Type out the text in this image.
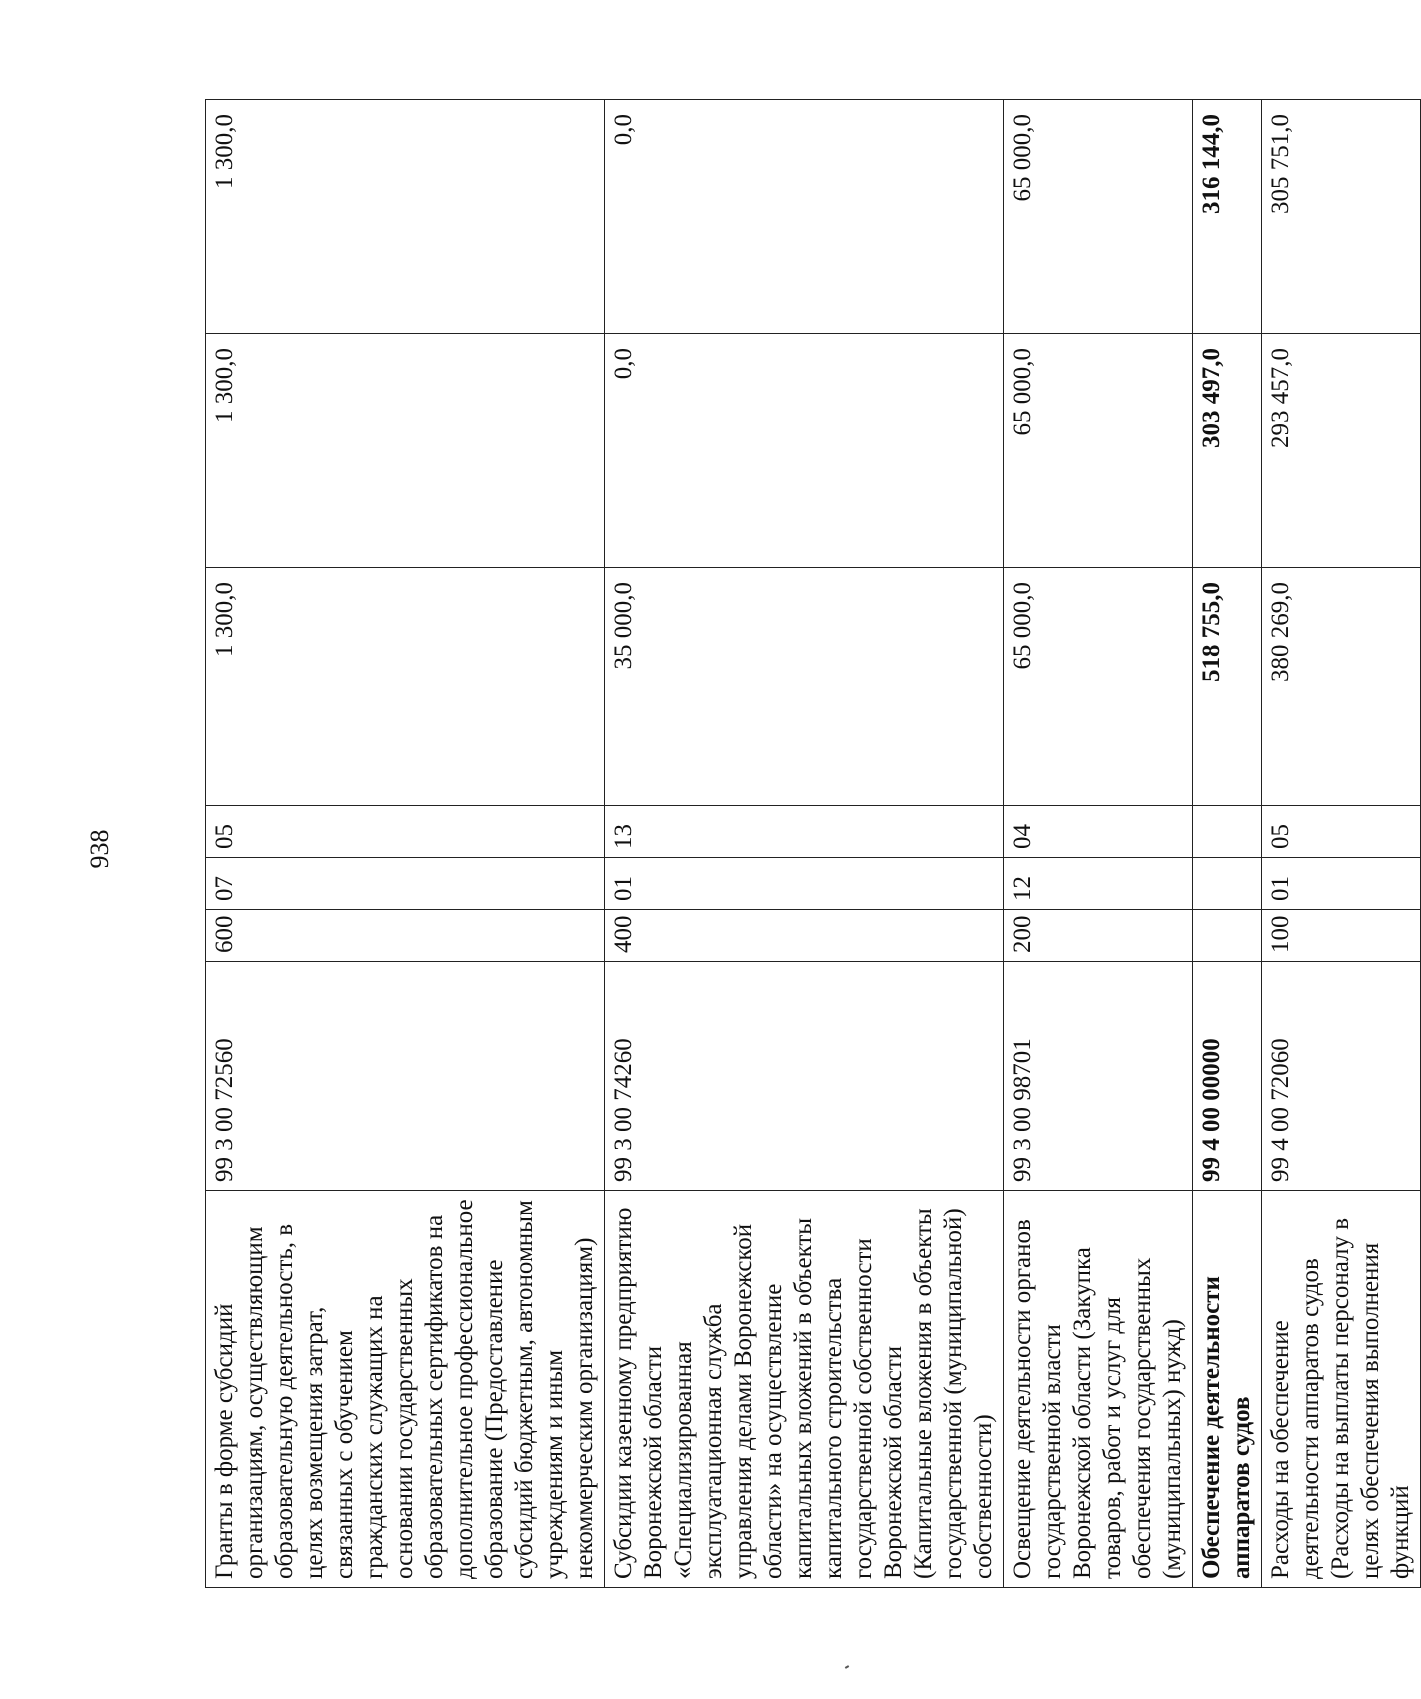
938
Гранты в форме субсидий организациям, осуществляющим образовательную деятельность, в целях возмещения затрат, связанных с обучением гражданских служащих на основании государственных образовательных сертификатов на дополнительное профессиональное образование (Предоставление субсидий бюджетным, автономным учреждениям и иным некоммерческим организациям)	99 3 00 72560	600	07	05	1 300,0	1 300,0	1 300,0
Субсидии казенному предприятию Воронежской области «Специализированная эксплуатационная служба управления делами Воронежской области» на осуществление капитальных вложений в объекты капитального строительства государственной собственности Воронежской области (Капитальные вложения в объекты государственной (муниципальной) собственности)	99 3 00 74260	400	01	13	35 000,0	0,0	0,0
Освещение деятельности органов государственной власти Воронежской области (Закупка товаров, работ и услуг для обеспечения государственных (муниципальных) нужд)	99 3 00 98701	200	12	04	65 000,0	65 000,0	65 000,0
Обеспечение деятельности аппаратов судов	99 4 00 00000				518 755,0	303 497,0	316 144,0
Расходы на обеспечение деятельности аппаратов судов (Расходы на выплаты персоналу в целях обеспечения выполнения функций	99 4 00 72060	100	01	05	380 269,0	293 457,0	305 751,0
